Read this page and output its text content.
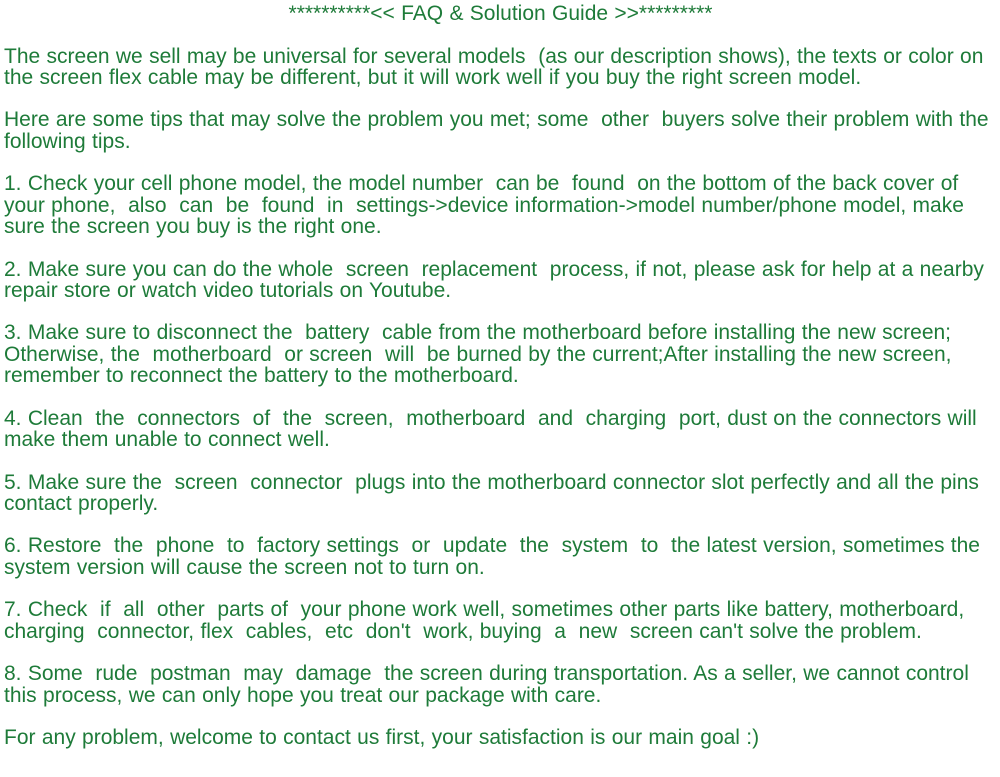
**********<< FAQ & Solution Guide >>*********

The screen we sell may be universal for several models  (as our description shows), the texts or color on the screen flex cable may be different, but it will work well if you buy the right screen model.

Here are some tips that may solve the problem you met; some  other  buyers solve their problem with the following tips.

1. Check your cell phone model, the model number  can be  found  on the bottom of the back cover of your phone,  also  can  be  found  in  settings->device information->model number/phone model, make sure the screen you buy is the right one.

2. Make sure you can do the whole  screen  replacement  process, if not, please ask for help at a nearby repair store or watch video tutorials on Youtube.

3. Make sure to disconnect the  battery  cable from the motherboard before installing the new screen; Otherwise, the  motherboard  or screen  will  be burned by the current;After installing the new screen, remember to reconnect the battery to the motherboard.

4. Clean  the  connectors  of  the  screen,  motherboard  and  charging  port, dust on the connectors will make them unable to connect well.

5. Make sure the  screen  connector  plugs into the motherboard connector slot perfectly and all the pins contact properly.

6. Restore  the  phone  to  factory settings  or  update  the  system  to  the latest version, sometimes the system version will cause the screen not to turn on.

7. Check  if  all  other  parts of  your phone work well, sometimes other parts like battery, motherboard,  charging  connector, flex  cables,  etc  don't  work, buying  a  new  screen can't solve the problem.

8. Some  rude  postman  may  damage  the screen during transportation. As a seller, we cannot control this process, we can only hope you treat our package with care.

For any problem, welcome to contact us first, your satisfaction is our main goal :)
